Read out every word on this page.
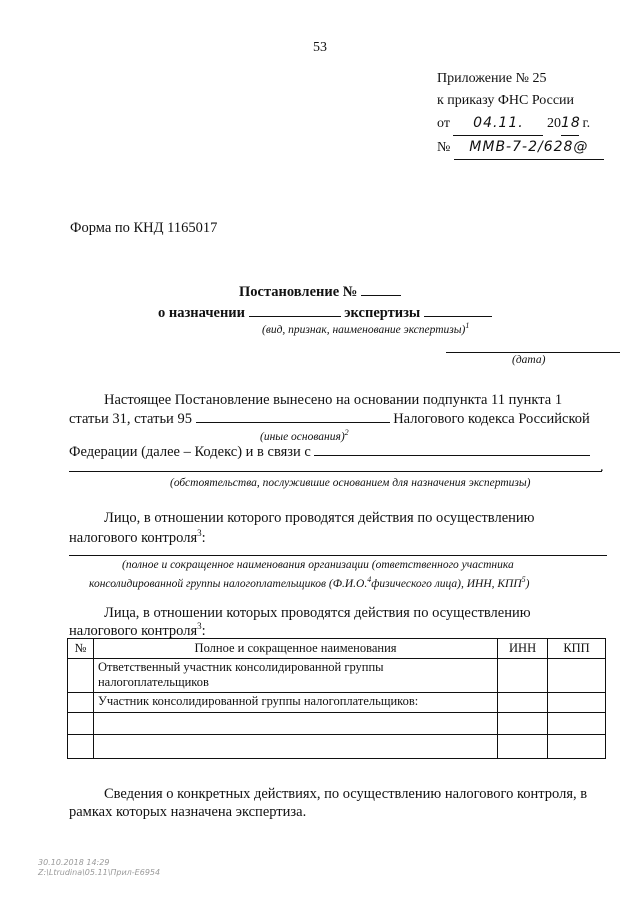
53
Приложение № 25
к приказу ФНС России
от 04.11. 2018 г.
№ ММВ-7-2/628@
Форма по КНД 1165017
Постановление №
о назначении	экспертизы
(вид, признак, наименование экспертизы)$^1$
(дата)
Настоящее Постановление вынесено на основании подпункта 11 пункта 1
статьи 31, статьи 95	Налогового кодекса Российской
(иные основания)$^2$
Федерации (далее – Кодекс) и в связи с
.
(обстоятельства, послужившие основанием для назначения экспертизы)
Лицо, в отношении которого проводятся действия по осуществлению
налогового контроля$^3$:
(полное и сокращенное наименования организации (ответственного участника
консолидированной группы налогоплательщиков (Ф.И.О.$^4$физического лица), ИНН, КПП$^5$)
Лица, в отношении которых проводятся действия по осуществлению
налогового контроля$^3$:
№	Полное и сокращенное наименования	ИНН	КПП
	Ответственный участник консолидированной группы налогоплательщиков		
	Участник консолидированной группы налогоплательщиков:		

Сведения о конкретных действиях, по осуществлению налогового контроля, в
рамках которых назначена экспертиза.
30.10.2018 14:29
Z:\Ltrudina\05.11\Прил-E6954
